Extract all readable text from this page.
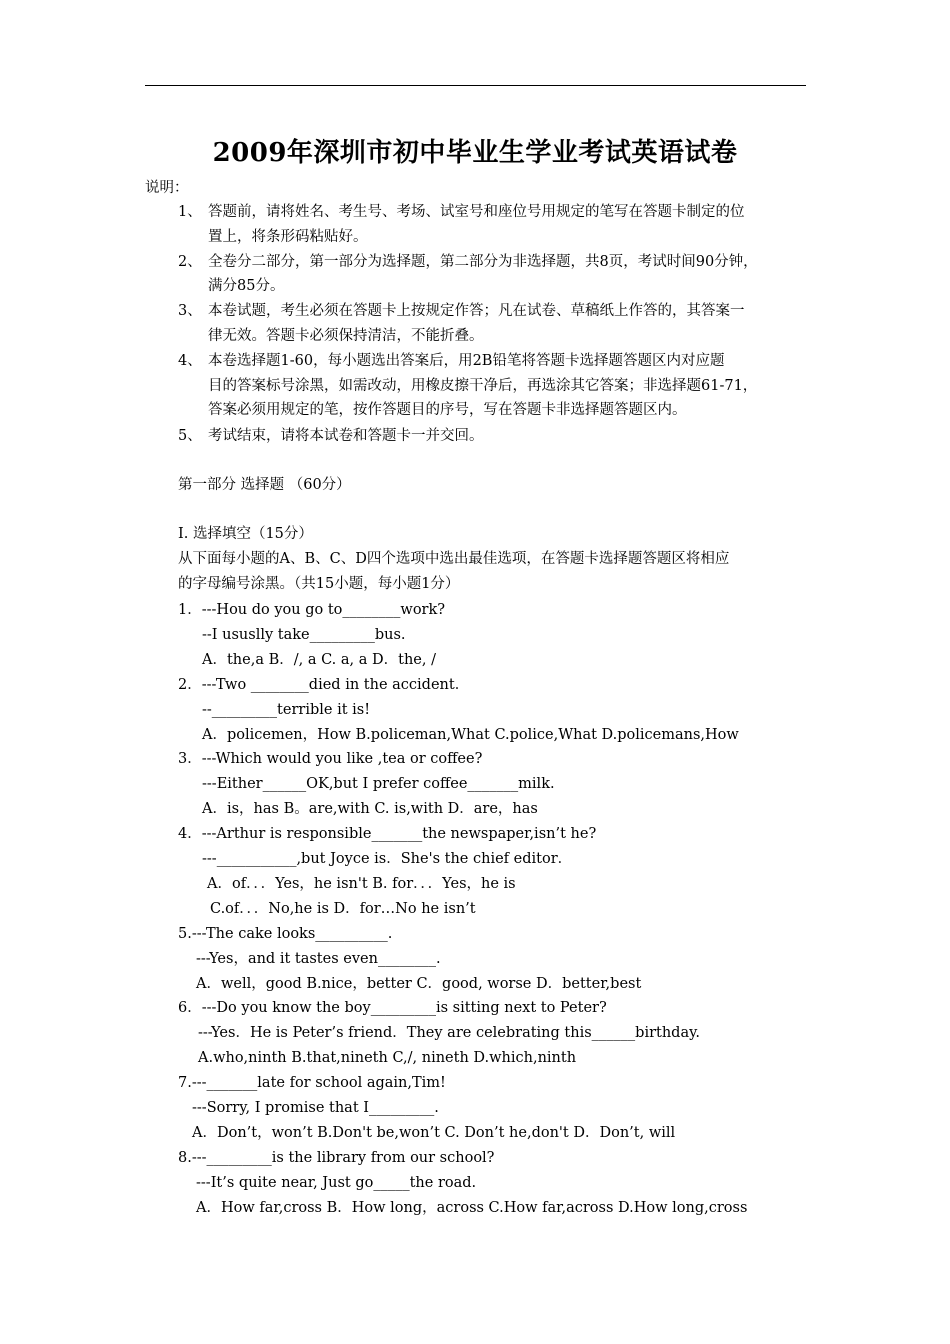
2009年深圳市初中毕业生学业考试英语试卷
说明：
1、 答题前，请将姓名、考生号、考场、试室号和座位号用规定的笔写在答题卡制定的位
置上，将条形码粘贴好。
2、 全卷分二部分，第一部分为选择题，第二部分为非选择题，共8页，考试时间90分钟，
满分85分。
3、 本卷试题，考生必须在答题卡上按规定作答；凡在试卷、草稿纸上作答的，其答案一
律无效。答题卡必须保持清洁，不能折叠。
4、 本卷选择题1-60，每小题选出答案后，用2B铅笔将答题卡选择题答题区内对应题
目的答案标号涂黑，如需改动，用橡皮擦干净后，再选涂其它答案；非选择题61-71，
答案必须用规定的笔，按作答题目的序号，写在答题卡非选择题答题区内。
5、 考试结束，请将本试卷和答题卡一并交回。
第一部分 选择题 （60分）
I. 选择填空（15分）
从下面每小题的A、B、C、D四个选项中选出最佳选项，在答题卡选择题答题区将相应
的字母编号涂黑。（共15小题，每小题1分）
1．---Hou do you go to________work?
--I ususlly take_________bus.
A．the,a B．/, a C. a, a D．the, /
2．---Two ________died in the accident．
--_________terrible it is!
A．policemen，How B.policeman,What C.police,What D.policemans,How
3．---Which would you like ,tea or coffee?
---Either______OK,but I prefer coffee_______milk.
A．is，has B。are,with C. is,with D．are，has
4．---Arthur is responsible_______the newspaper,isn’t he?
---___________,but Joyce is．She's the chief editor．
A．of．．．Yes，he isn't B. for．．．Yes，he is
C.of．．．No,he is D．for…No he isn’t
5.---The cake looks__________.
---Yes，and it tastes even________.
A．well，good B.nice，better C．good, worse D．better,best
6．---Do you know the boy_________is sitting next to Peter?
---Yes．He is Peter’s friend．They are celebrating this______birthday.
A.who,ninth B.that,nineth C,/, nineth D.which,ninth
7.---_______late for school again,Tim!
---Sorry, I promise that I_________.
A．Don’t，won’t B.Don't be,won’t C. Don’t he,don't D．Don’t, will
8.---_________is the library from our school?
---It’s quite near, Just go_____the road.
A．How far,cross B．How long，across C.How far,across D.How long,cross
